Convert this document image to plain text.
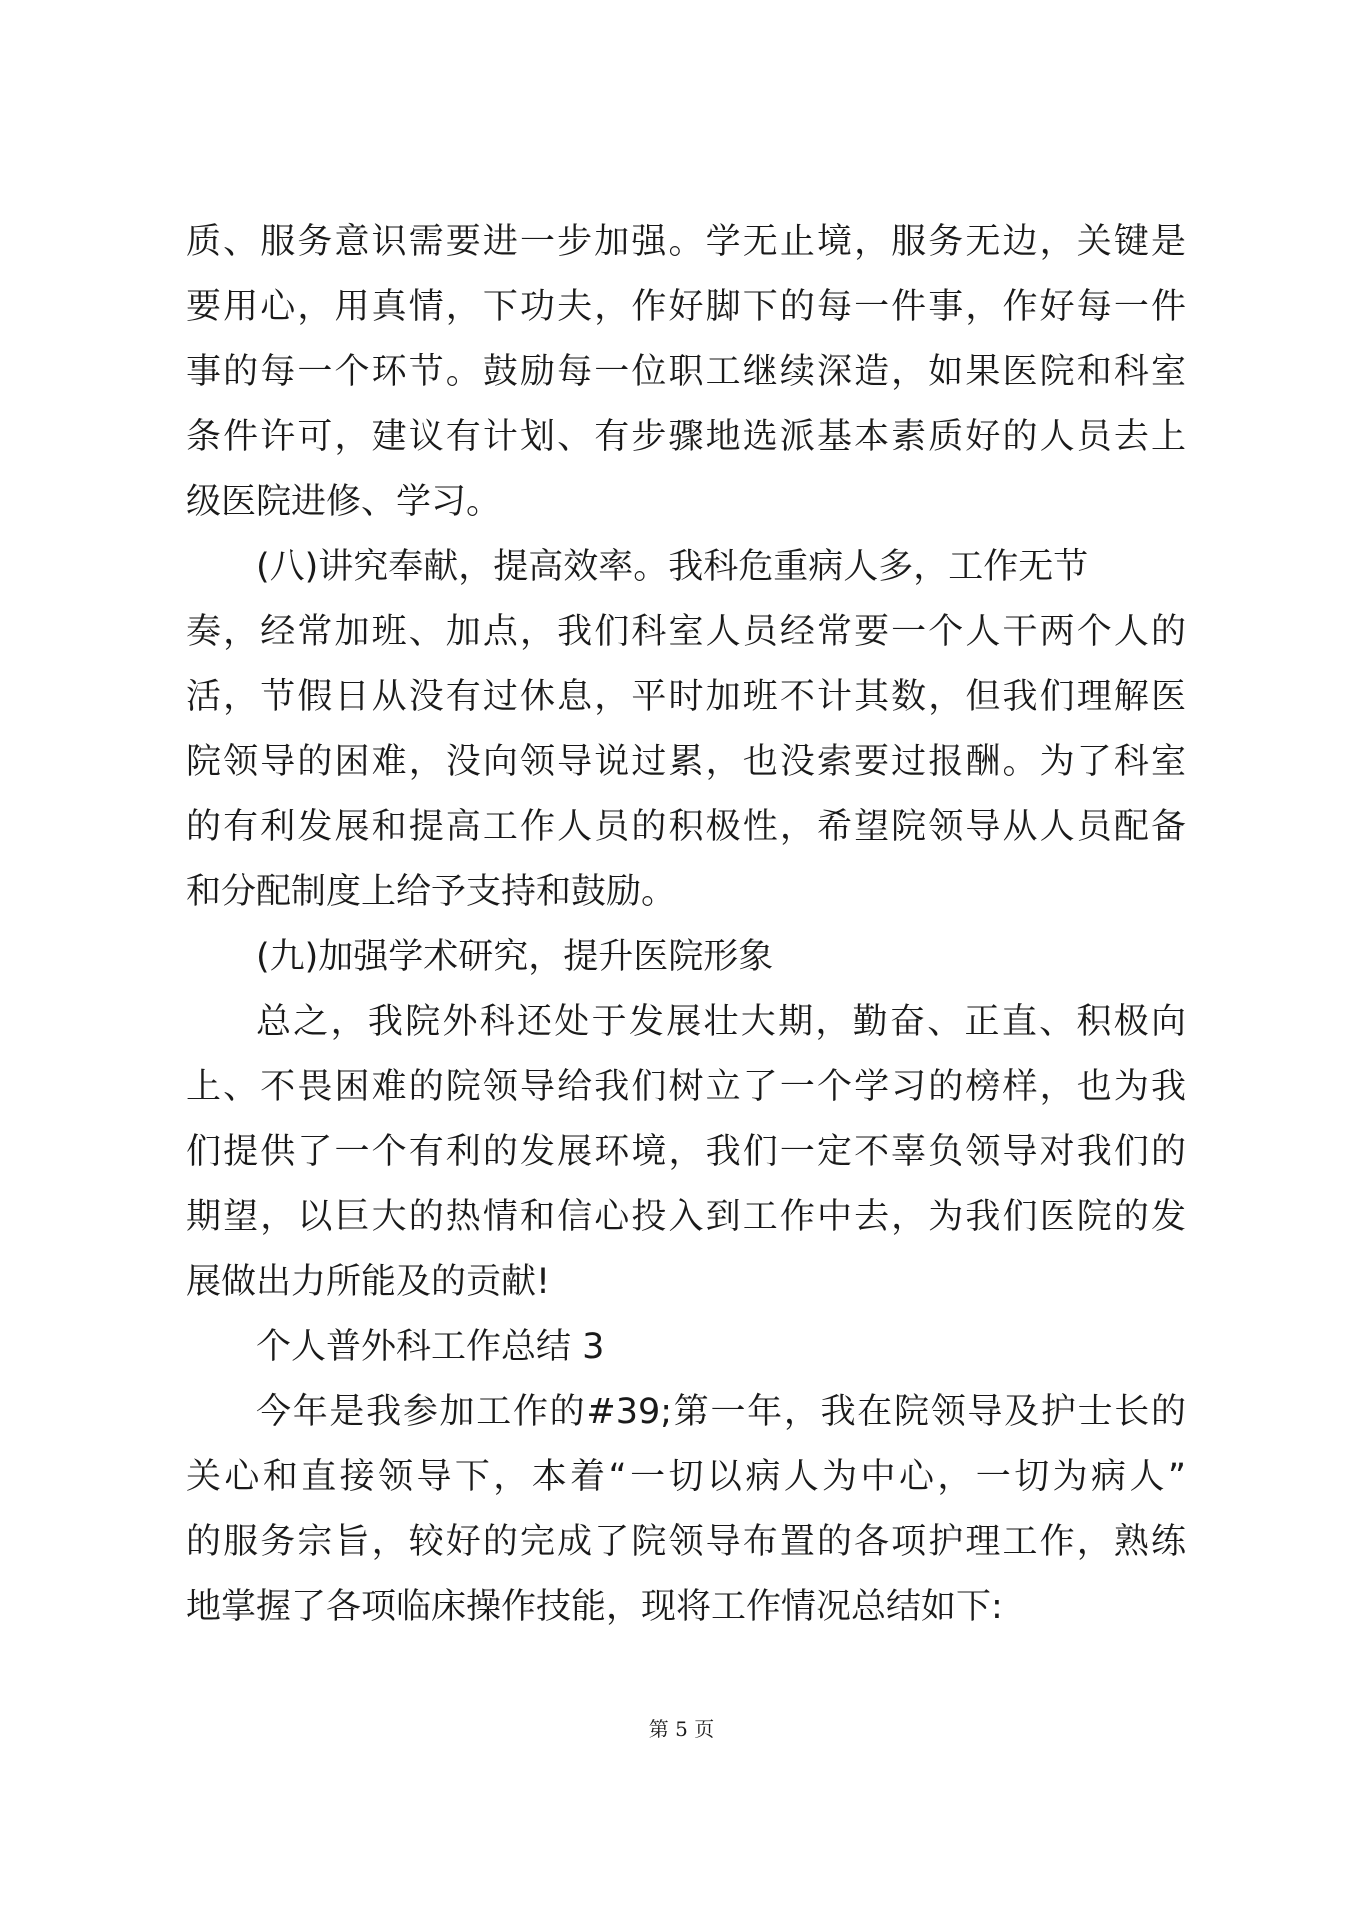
质、服务意识需要进一步加强。学无止境，服务无边，关键是
要用心，用真情，下功夫，作好脚下的每一件事，作好每一件
事的每一个环节。鼓励每一位职工继续深造，如果医院和科室
条件许可，建议有计划、有步骤地选派基本素质好的人员去上
级医院进修、学习。
(八)讲究奉献，提高效率。我科危重病人多，工作无节
奏，经常加班、加点，我们科室人员经常要一个人干两个人的
活，节假日从没有过休息，平时加班不计其数，但我们理解医
院领导的困难，没向领导说过累，也没索要过报酬。为了科室
的有利发展和提高工作人员的积极性，希望院领导从人员配备
和分配制度上给予支持和鼓励。
(九)加强学术研究，提升医院形象
总之，我院外科还处于发展壮大期，勤奋、正直、积极向
上、不畏困难的院领导给我们树立了一个学习的榜样，也为我
们提供了一个有利的发展环境，我们一定不辜负领导对我们的
期望，以巨大的热情和信心投入到工作中去，为我们医院的发
展做出力所能及的贡献!
个人普外科工作总结 3
今年是我参加工作的#39;第一年，我在院领导及护士长的
关心和直接领导下，本着“一切以病人为中心，一切为病人”
的服务宗旨，较好的完成了院领导布置的各项护理工作，熟练
地掌握了各项临床操作技能，现将工作情况总结如下:
第 5 页
